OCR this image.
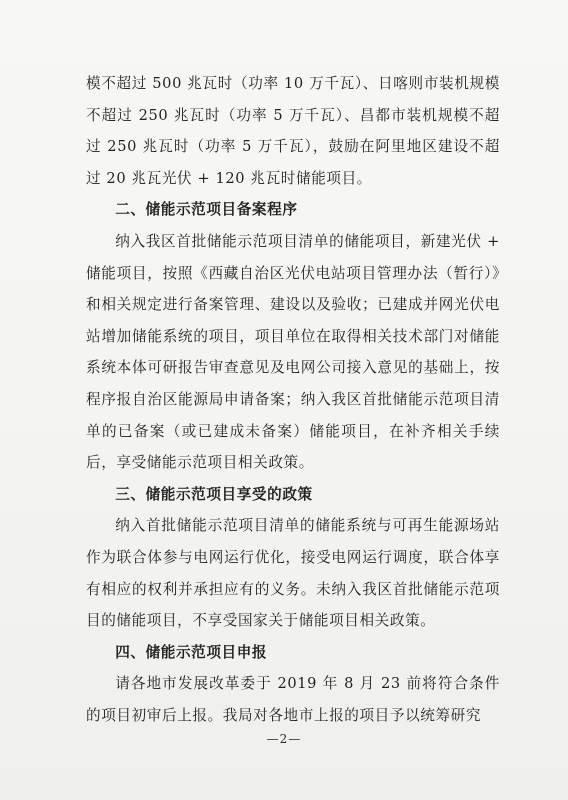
模不超过 500 兆瓦时（功率 10 万千瓦）、日喀则市装机规模不超过 250 兆瓦时（功率 5 万千瓦）、昌都市装机规模不超过 250 兆瓦时（功率 5 万千瓦），鼓励在阿里地区建设不超过 20 兆瓦光伏 + 120 兆瓦时储能项目。

二、储能示范项目备案程序

纳入我区首批储能示范项目清单的储能项目，新建光伏 + 储能项目，按照《西藏自治区光伏电站项目管理办法（暂行）》和相关规定进行备案管理、建设以及验收；已建成并网光伏电站增加储能系统的项目，项目单位在取得相关技术部门对储能系统本体可研报告审查意见及电网公司接入意见的基础上，按程序报自治区能源局申请备案；纳入我区首批储能示范项目清单的已备案（或已建成未备案）储能项目，在补齐相关手续后，享受储能示范项目相关政策。

三、储能示范项目享受的政策

纳入首批储能示范项目清单的储能系统与可再生能源场站作为联合体参与电网运行优化，接受电网运行调度，联合体享有相应的权利并承担应有的义务。未纳入我区首批储能示范项目的储能项目，不享受国家关于储能项目相关政策。

四、储能示范项目申报

请各地市发展改革委于 2019 年 8 月 23 前将符合条件的项目初审后上报。我局对各地市上报的项目予以统筹研究

—2—
